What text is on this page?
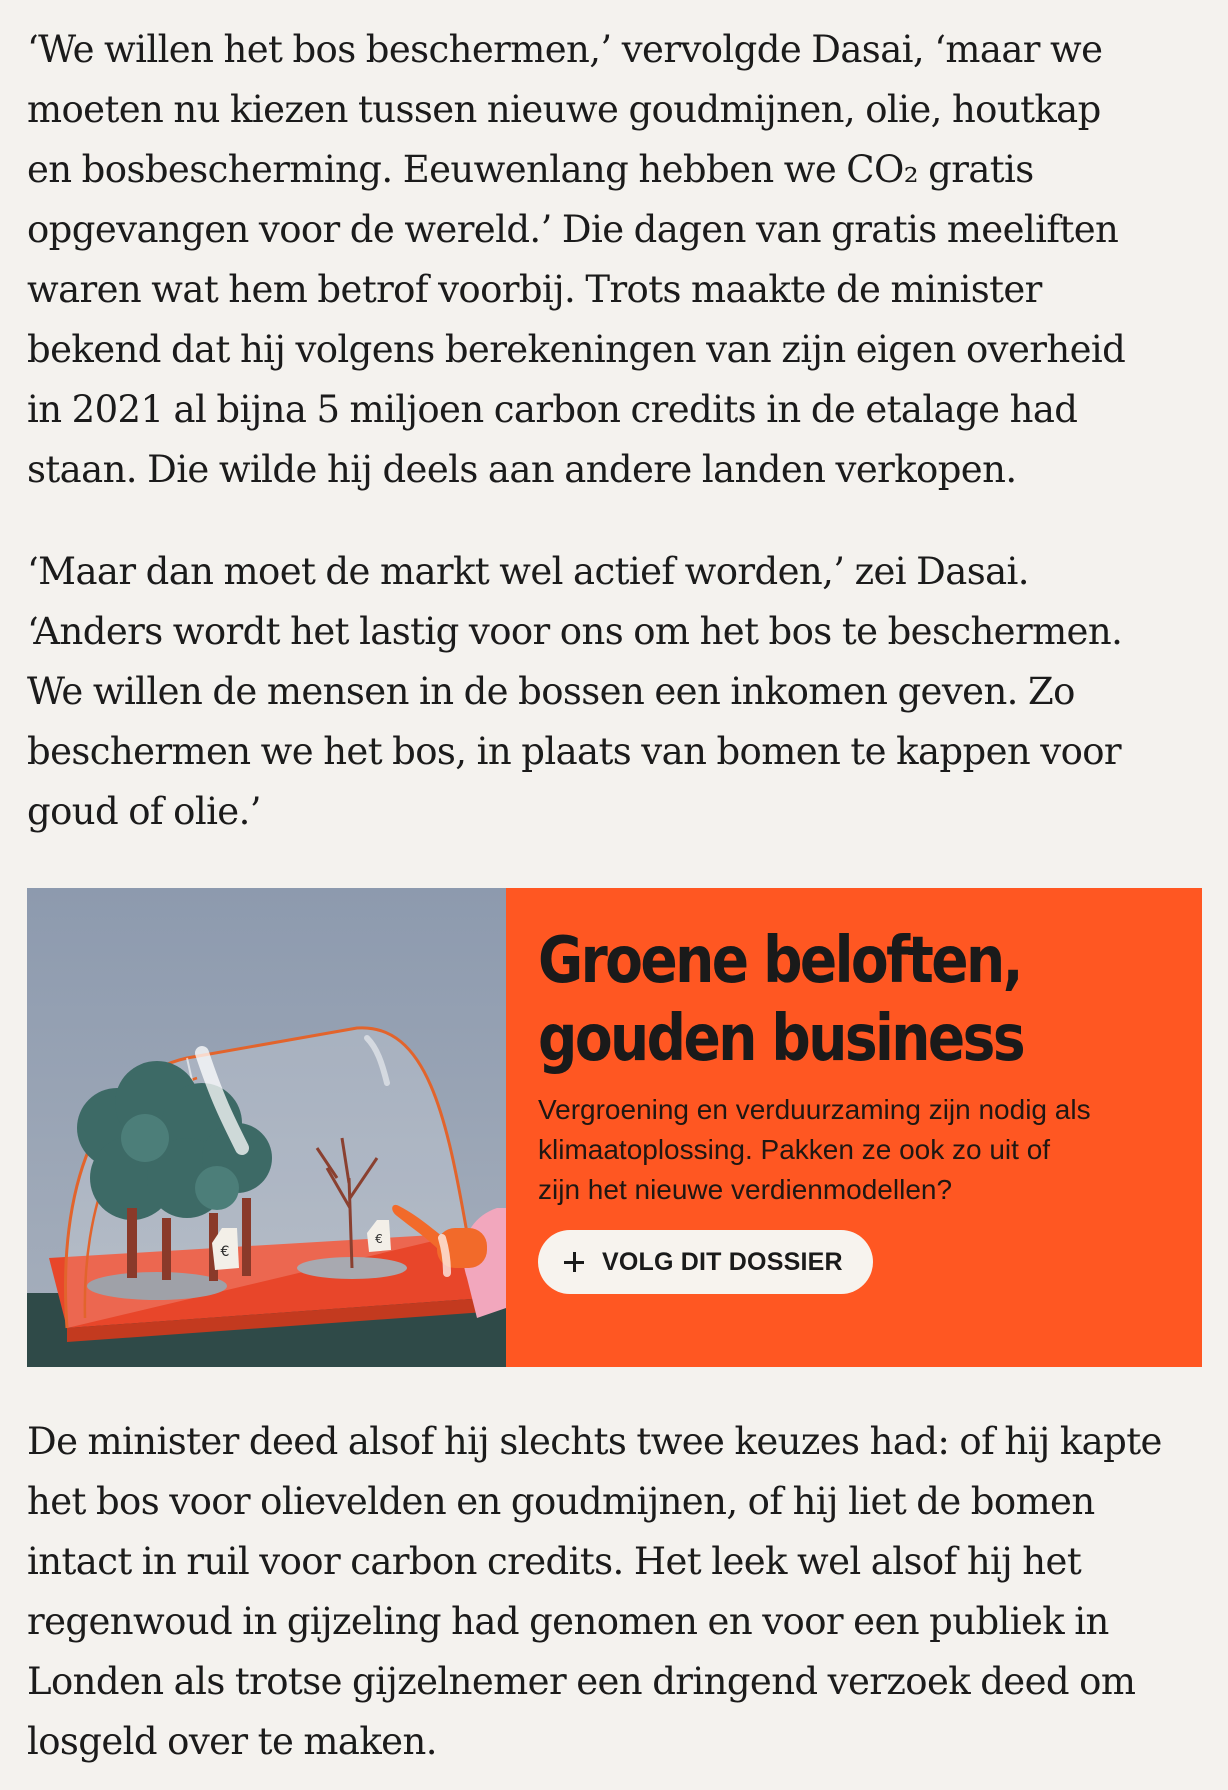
‘We willen het bos beschermen,’ vervolgde Dasai, ‘maar we
moeten nu kiezen tussen nieuwe goudmijnen, olie, houtkap
en bosbescherming. Eeuwenlang hebben we CO₂ gratis
opgevangen voor de wereld.’ Die dagen van gratis meeliften
waren wat hem betrof voorbij. Trots maakte de minister
bekend dat hij volgens berekeningen van zijn eigen overheid
in 2021 al bijna 5 miljoen carbon credits in de etalage had
staan. Die wilde hij deels aan andere landen verkopen.

‘Maar dan moet de markt wel actief worden,’ zei Dasai.
‘Anders wordt het lastig voor ons om het bos te beschermen.
We willen de mensen in de bossen een inkomen geven. Zo
beschermen we het bos, in plaats van bomen te kappen voor
goud of olie.’

€
€
Groene beloften,
gouden business

Vergroening en verduurzaming zijn nodig als
klimaatoplossing. Pakken ze ook zo uit of
zijn het nieuwe verdienmodellen?

VOLG DIT DOSSIER

De minister deed alsof hij slechts twee keuzes had: of hij kapte
het bos voor olievelden en goudmijnen, of hij liet de bomen
intact in ruil voor carbon credits. Het leek wel alsof hij het
regenwoud in gijzeling had genomen en voor een publiek in
Londen als trotse gijzelnemer een dringend verzoek deed om
losgeld over te maken.
